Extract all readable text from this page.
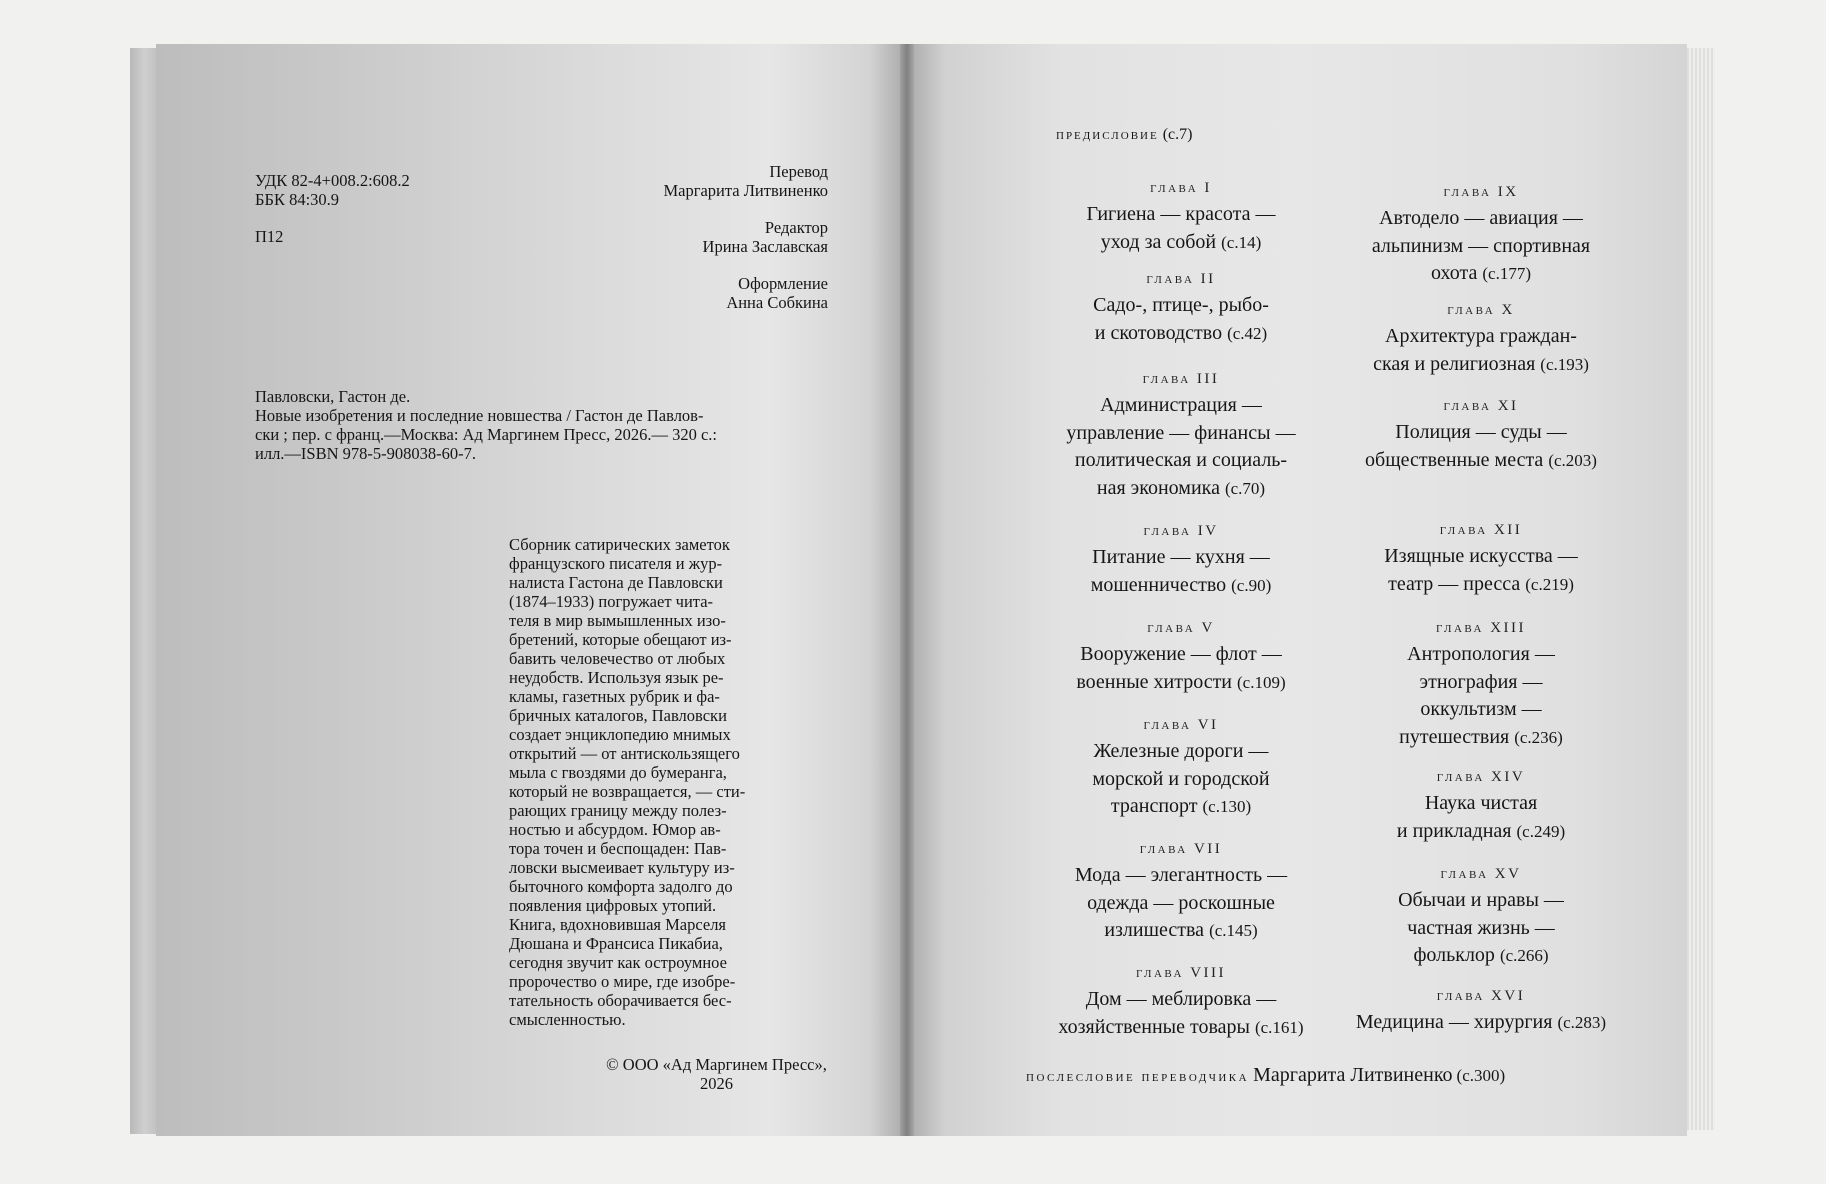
УДК 82-4+008.2:608.2
ББК 84:30.9
П12
Перевод
Маргарита Литвиненко
Редактор
Ирина Заславская
Оформление
Анна Собкина
Павловски, Гастон де.
Новые изобретения и последние новшества / Гастон де Павлов-
ски ; пер. с франц.—Москва: Ад Маргинем Пресс, 2026.— 320 с.:
илл.—ISBN 978-5-908038-60-7.
Сборник сатирических заметок
французского писателя и жур-
налиста Гастона де Павловски
(1874–1933) погружает чита-
теля в мир вымышленных изо-
бретений, которые обещают из-
бавить человечество от любых
неудобств. Используя язык ре-
кламы, газетных рубрик и фа-
бричных каталогов, Павловски
создает энциклопедию мнимых
открытий — от антискользящего
мыла с гвоздями до бумеранга,
который не возвращается, — сти-
рающих границу между полез-
ностью и абсурдом. Юмор ав-
тора точен и беспощаден: Пав-
ловски высмеивает культуру из-
быточного комфорта задолго до
появления цифровых утопий.
Книга, вдохновившая Марселя
Дюшана и Франсиса Пикабиа,
сегодня звучит как остроумное
пророчество о мире, где изобре-
тательность оборачивается бес-
смысленностью.
© ООО «Ад Маргинем Пресс»,
2026
предисловие (с.7)
глава I
Гигиена — красота —
уход за собой (с.14)
глава II
Садо-, птице-, рыбо-
и скотоводство (с.42)
глава III
Администрация —
управление — финансы —
политическая и социаль-
ная экономика (с.70)
глава IV
Питание — кухня —
мошенничество (с.90)
глава V
Вооружение — флот —
военные хитрости (с.109)
глава VI
Железные дороги —
морской и городской
транспорт (с.130)
глава VII
Мода — элегантность —
одежда — роскошные
излишества (с.145)
глава VIII
Дом — меблировка —
хозяйственные товары (с.161)
глава IX
Автодело — авиация —
альпинизм — спортивная
охота (с.177)
глава X
Архитектура граждан-
ская и религиозная (с.193)
глава XI
Полиция — суды —
общественные места (с.203)
глава XII
Изящные искусства —
театр — пресса (с.219)
глава XIII
Антропология —
этнография —
оккультизм —
путешествия (с.236)
глава XIV
Наука чистая
и прикладная (с.249)
глава XV
Обычаи и нравы —
частная жизнь —
фольклор (с.266)
глава XVI
Медицина — хирургия (с.283)
послесловие переводчика Маргарита Литвиненко (с.300)
